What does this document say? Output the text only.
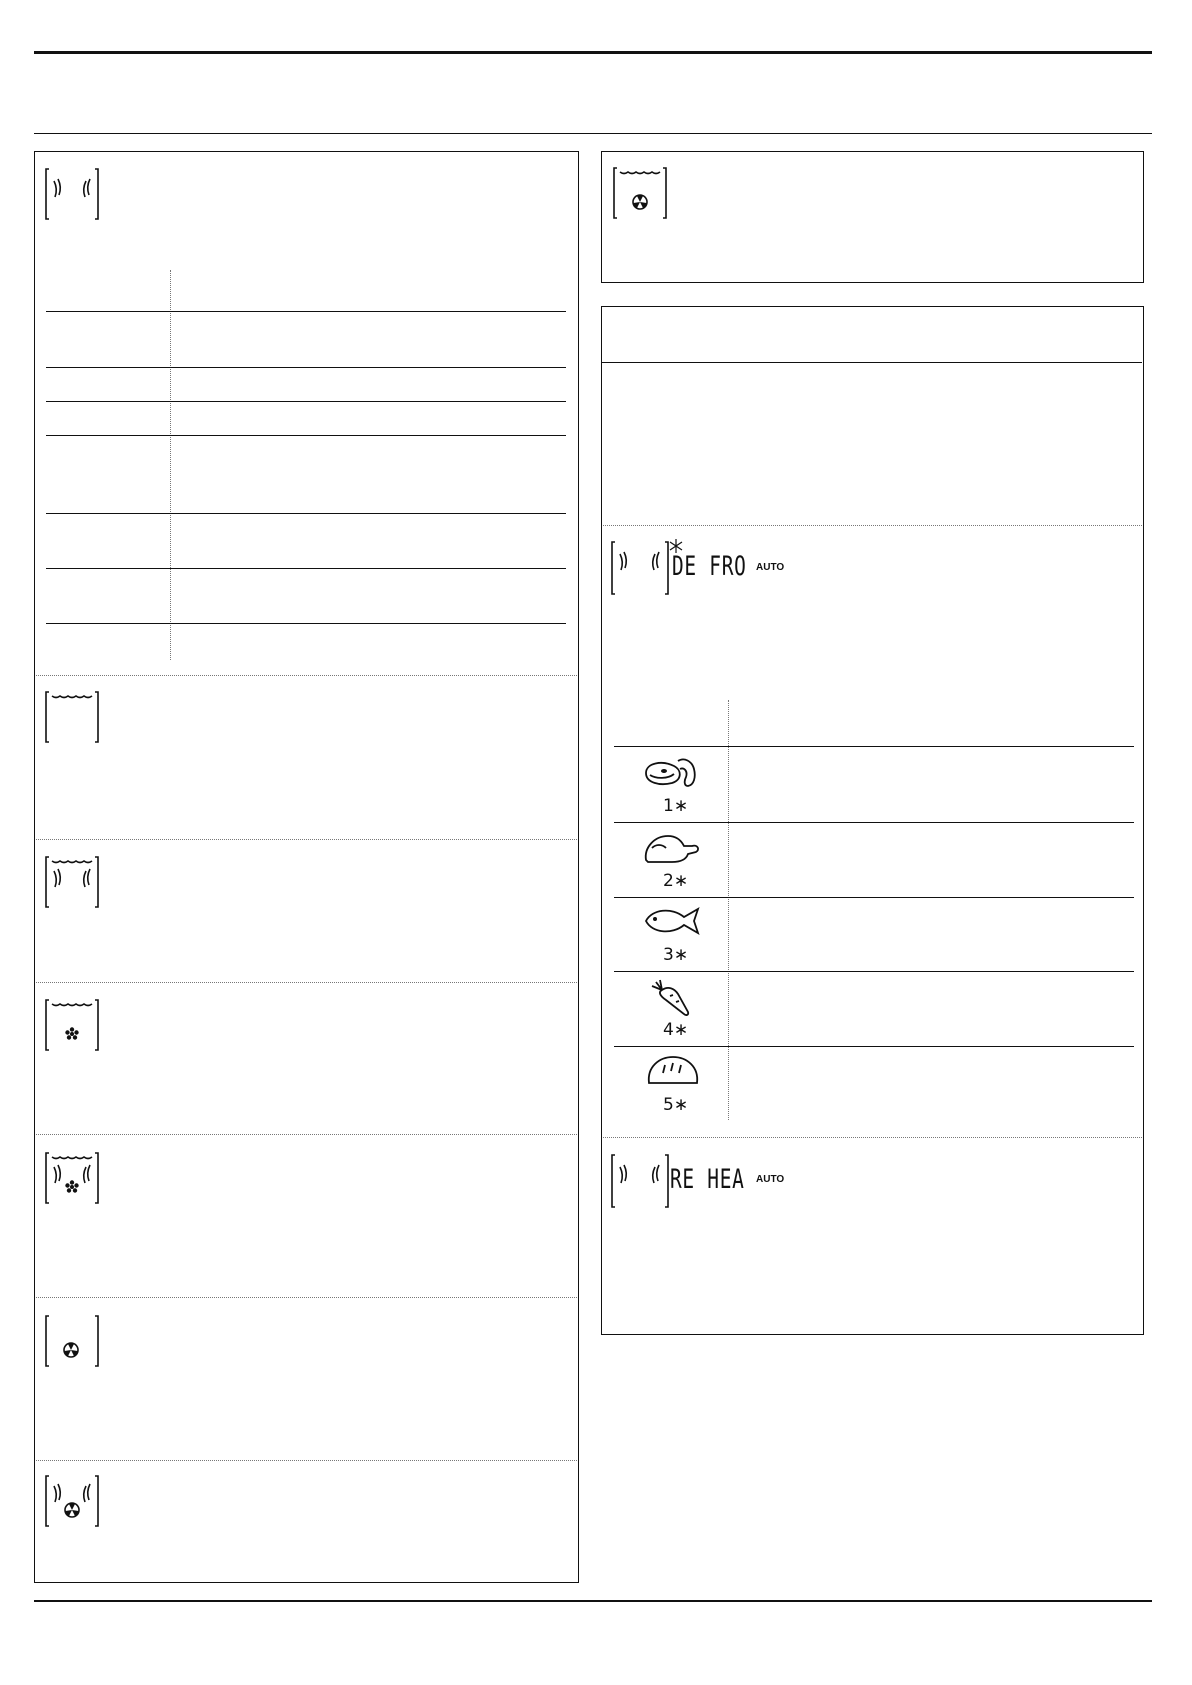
DE FRO AUTO
1∗
2∗
3∗
4∗
5∗
RE HEA AUTO
